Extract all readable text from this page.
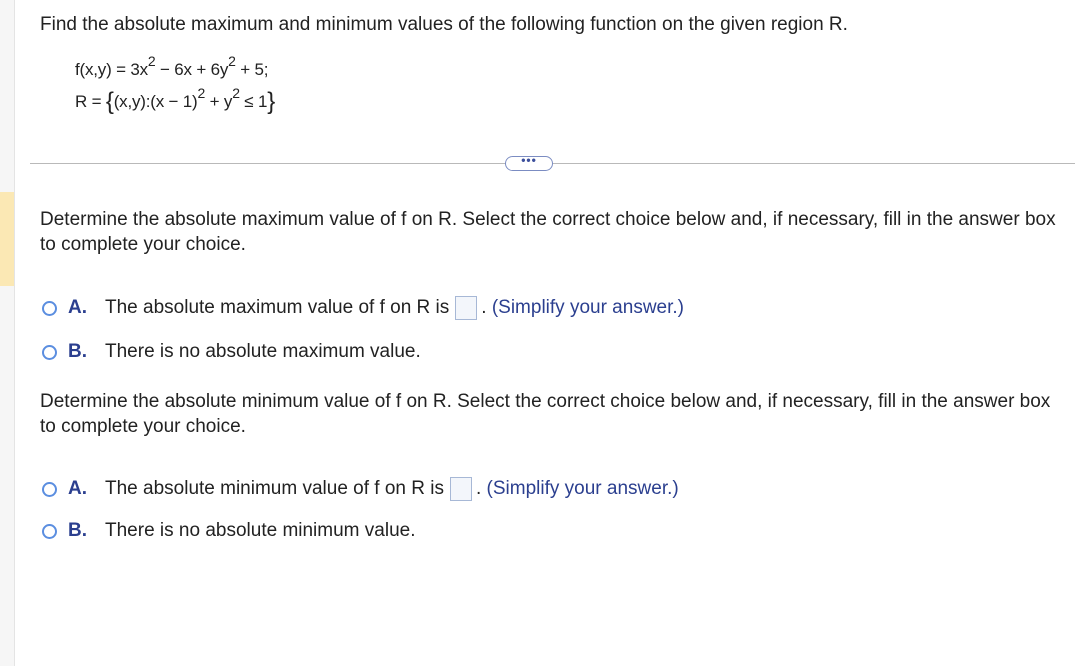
Find the absolute maximum and minimum values of the following function on the given region R.
$f(x,y) = 3x^2 - 6x + 6y^2 + 5$;
R = {(x,y):(x − $1)^2 + y^2 \le 1$}
•••
Determine the absolute maximum value of f on R. Select the correct choice below and, if necessary, fill in the answer box to complete your choice.
A. The absolute maximum value of f on R is . (Simplify your answer.)
B. There is no absolute maximum value.
Determine the absolute minimum value of f on R. Select the correct choice below and, if necessary, fill in the answer box to complete your choice.
A. The absolute minimum value of f on R is . (Simplify your answer.)
B. There is no absolute minimum value.
